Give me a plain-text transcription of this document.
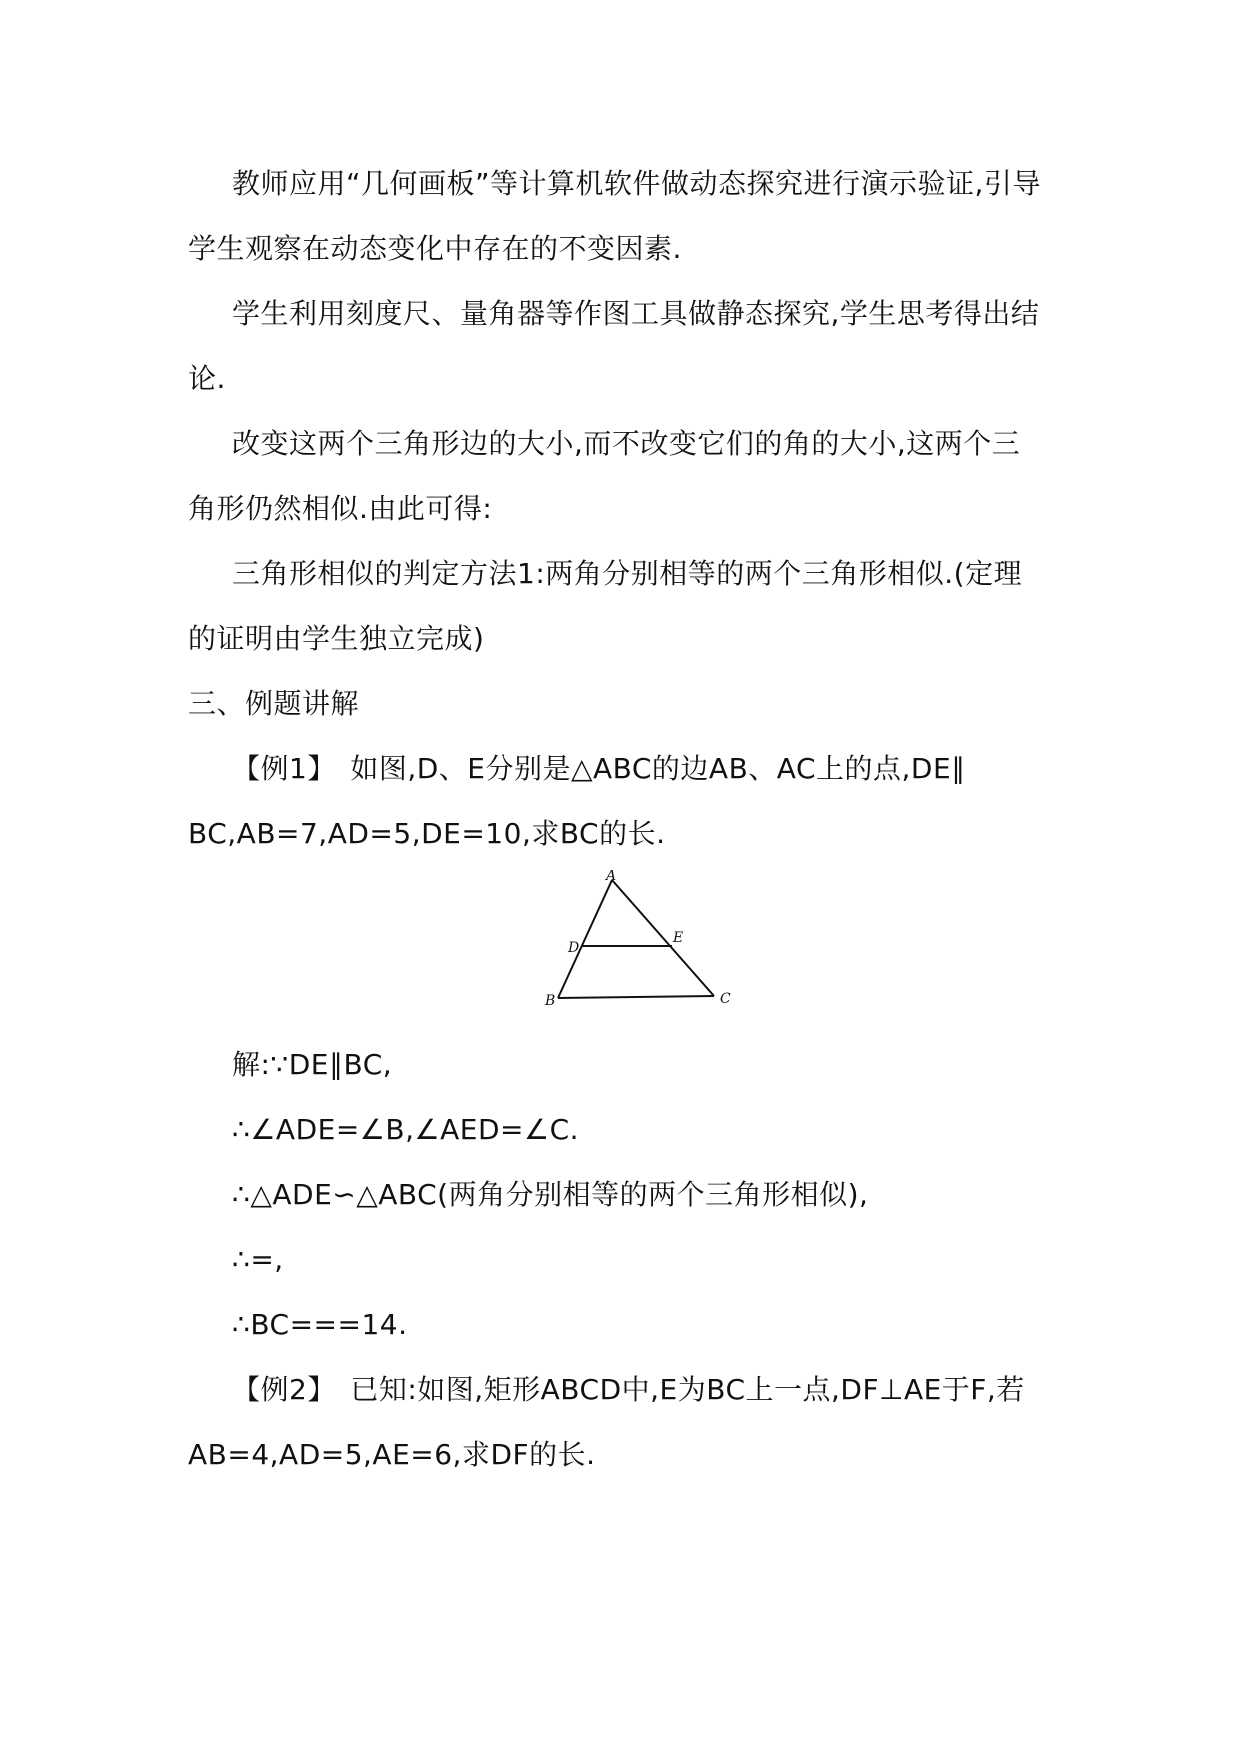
教师应用“几何画板”等计算机软件做动态探究进行演示验证,引导
学生观察在动态变化中存在的不变因素.
学生利用刻度尺、量角器等作图工具做静态探究,学生思考得出结
论.
改变这两个三角形边的大小,而不改变它们的角的大小,这两个三
角形仍然相似.由此可得:
三角形相似的判定方法1:两角分别相等的两个三角形相似.(定理
的证明由学生独立完成)
三、例题讲解
【例1】　如图,D、E分别是△ABC的边AB、AC上的点,DE∥
BC,AB=7,AD=5,DE=10,求BC的长.
A
B	C
D
E
解:∵DE∥BC,
∴∠ADE=∠B,∠AED=∠C.
∴△ADE∽△ABC(两角分别相等的两个三角形相似),
∴=,
∴BC===14.
【例2】　已知:如图,矩形ABCD中,E为BC上一点,DF⊥AE于F,若
AB=4,AD=5,AE=6,求DF的长.
